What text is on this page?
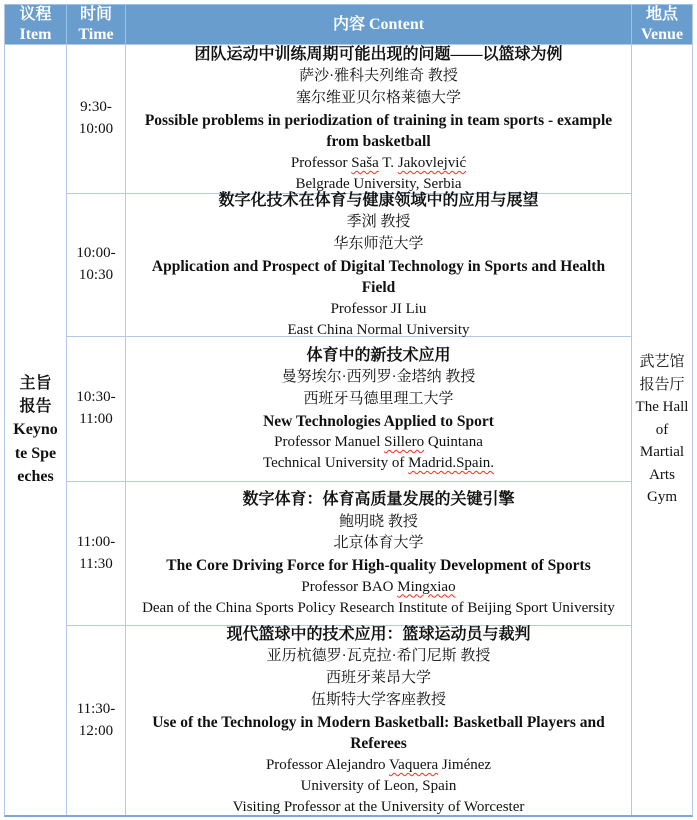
议程 Item
时间 Time
内容 Content
地点 Venue
主旨报告 Keynote Speeches
9:30-10:00
团队运动中训练周期可能出现的问题——以篮球为例
萨沙·雅科夫列维奇 教授
塞尔维亚贝尔格莱德大学
Possible problems in periodization of training in team sports - example from basketball
Professor Saša T. Jakovlejvić
Belgrade University, Serbia
10:00-10:30
数字化技术在体育与健康领域中的应用与展望
季浏 教授
华东师范大学
Application and Prospect of Digital Technology in Sports and Health Field
Professor JI Liu
East China Normal University
10:30-11:00
体育中的新技术应用
曼努埃尔·西列罗·金塔纳 教授
西班牙马德里理工大学
New Technologies Applied to Sport
Professor Manuel Sillero Quintana
Technical University of Madrid.Spain.
11:00-11:30
数字体育：体育高质量发展的关键引擎
鲍明晓 教授
北京体育大学
The Core Driving Force for High-quality Development of Sports
Professor BAO Mingxiao
Dean of the China Sports Policy Research Institute of Beijing Sport University
11:30-12:00
现代篮球中的技术应用：篮球运动员与裁判
亚历杭德罗·瓦克拉·希门尼斯 教授
西班牙莱昂大学
伍斯特大学客座教授
Use of the Technology in Modern Basketball: Basketball Players and Referees
Professor Alejandro Vaquera Jiménez
University of Leon, Spain
Visiting Professor at the University of Worcester
武艺馆报告厅 The Hall of Martial Arts Gym
